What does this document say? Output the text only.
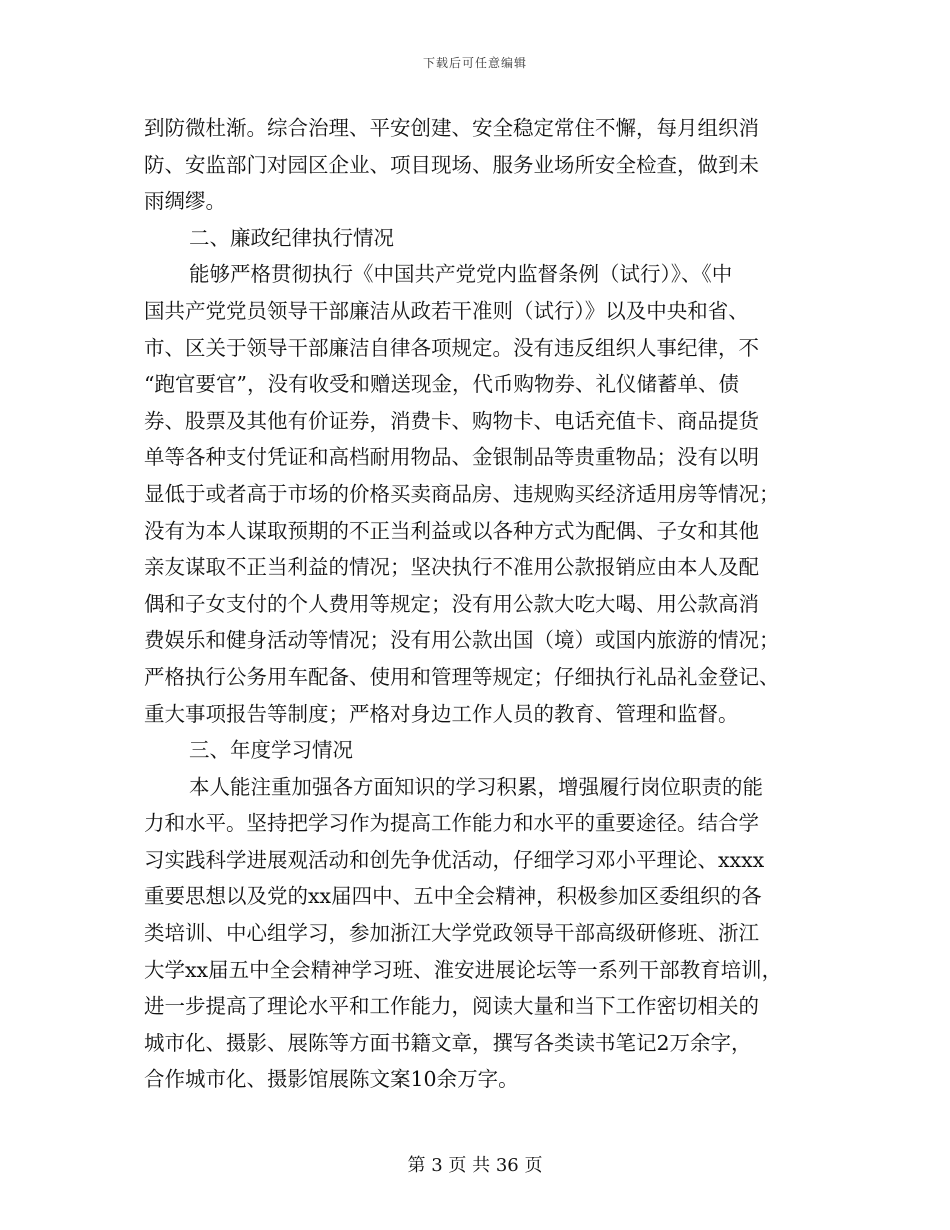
下载后可任意编辑
到防微杜渐。综合治理、平安创建、安全稳定常住不懈，每月组织消
防、安监部门对园区企业、项目现场、服务业场所安全检查，做到未
雨绸缪。
二、廉政纪律执行情况
能够严格贯彻执行《中国共产党党内监督条例（试行）》、《中
国共产党党员领导干部廉洁从政若干准则（试行）》以及中央和省、
市、区关于领导干部廉洁自律各项规定。没有违反组织人事纪律，不
“跑官要官”，没有收受和赠送现金，代币购物券、礼仪储蓄单、债
券、股票及其他有价证券，消费卡、购物卡、电话充值卡、商品提货
单等各种支付凭证和高档耐用物品、金银制品等贵重物品；没有以明
显低于或者高于市场的价格买卖商品房、违规购买经济适用房等情况；
没有为本人谋取预期的不正当利益或以各种方式为配偶、子女和其他
亲友谋取不正当利益的情况；坚决执行不准用公款报销应由本人及配
偶和子女支付的个人费用等规定；没有用公款大吃大喝、用公款高消
费娱乐和健身活动等情况；没有用公款出国（境）或国内旅游的情况；
严格执行公务用车配备、使用和管理等规定；仔细执行礼品礼金登记、
重大事项报告等制度；严格对身边工作人员的教育、管理和监督。
三、年度学习情况
本人能注重加强各方面知识的学习积累，增强履行岗位职责的能
力和水平。坚持把学习作为提高工作能力和水平的重要途径。结合学
习实践科学进展观活动和创先争优活动，仔细学习邓小平理论、xxxx
重要思想以及党的xx届四中、五中全会精神，积极参加区委组织的各
类培训、中心组学习，参加浙江大学党政领导干部高级研修班、浙江
大学xx届五中全会精神学习班、淮安进展论坛等一系列干部教育培训，
进一步提高了理论水平和工作能力，阅读大量和当下工作密切相关的
城市化、摄影、展陈等方面书籍文章，撰写各类读书笔记2万余字，
合作城市化、摄影馆展陈文案10余万字。
第 3 页 共 36 页
